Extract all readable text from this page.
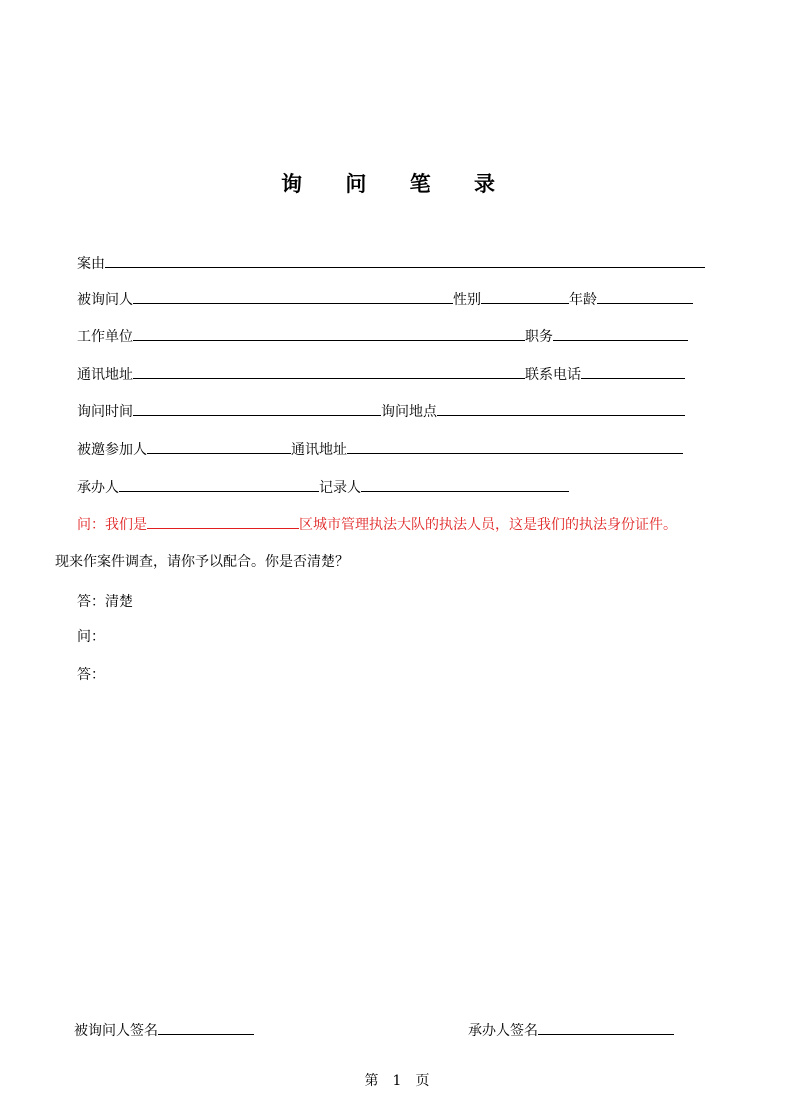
询 问 笔 录
案由
被询问人	性别	年龄
工作单位	职务
通讯地址	联系电话
询问时间	询问地点
被邀参加人	通讯地址
承办人	记录人
问：我们是	区城市管理执法大队的执法人员，这是我们的执法身份证件。
现来作案件调查，请你予以配合。你是否清楚？
答：清楚
问：
答：
被询问人签名	承办人签名
第 1 页
